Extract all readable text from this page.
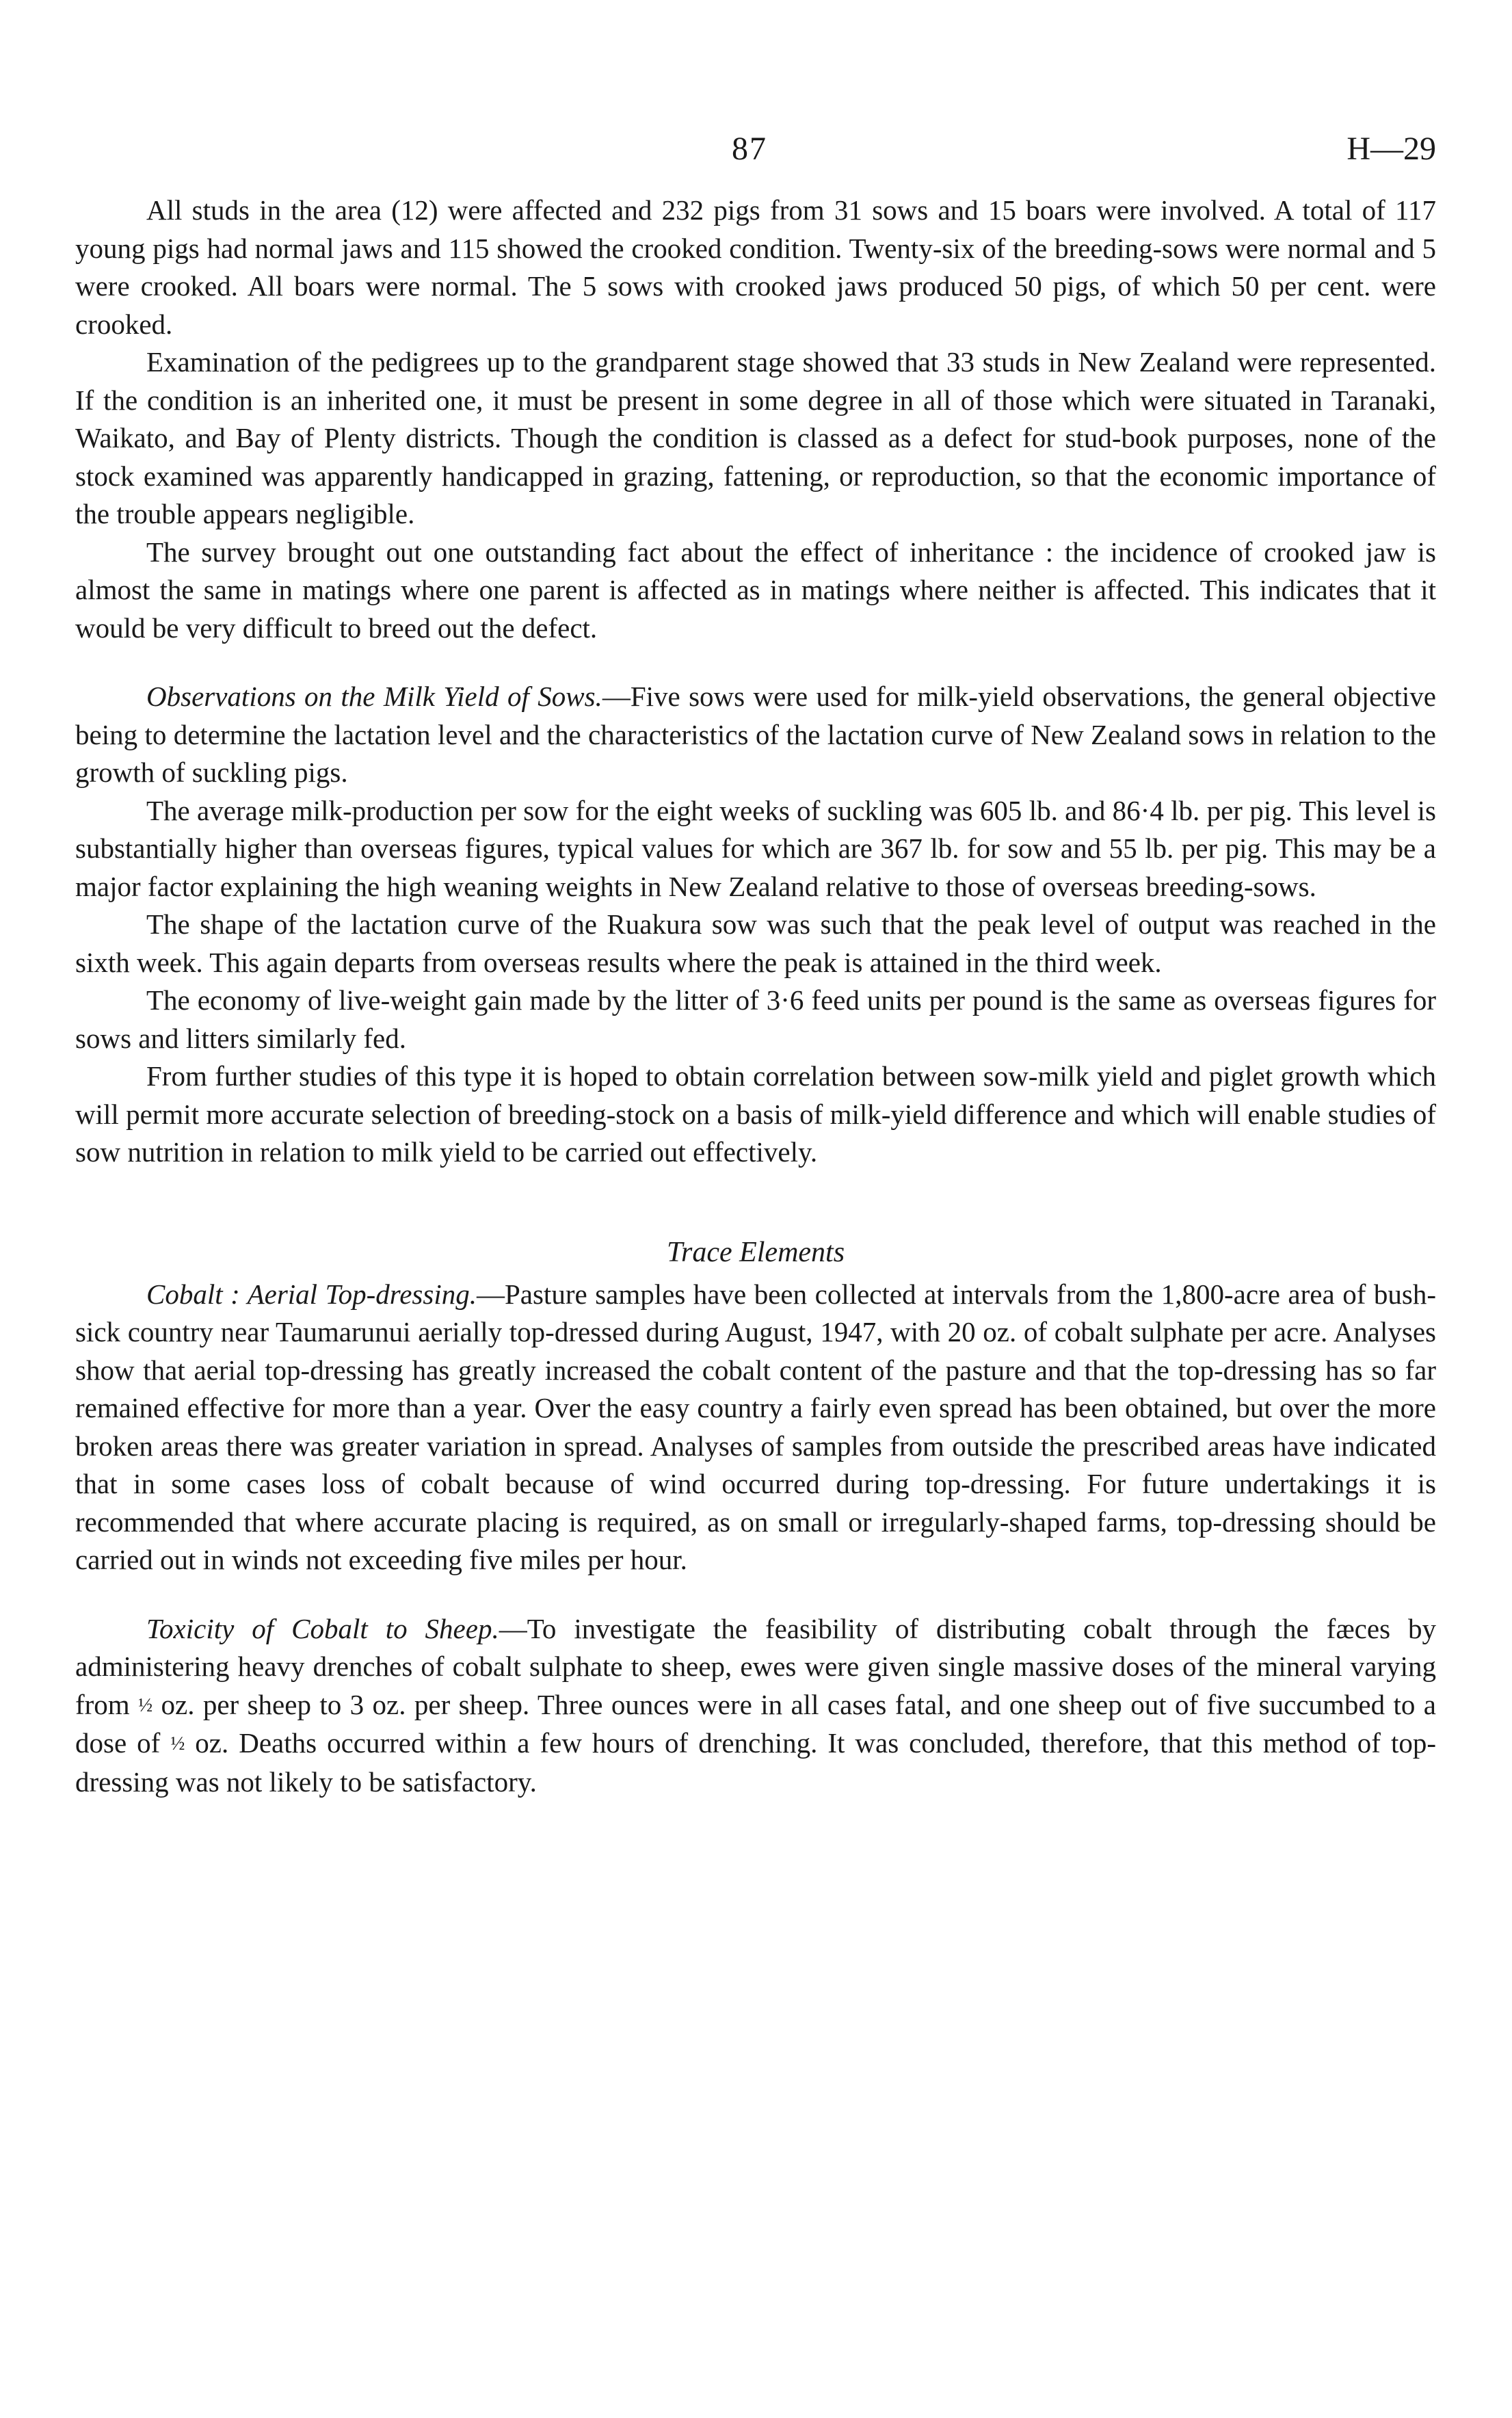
87	H—29

All studs in the area (12) were affected and 232 pigs from 31 sows and 15 boars were involved. A total of 117 young pigs had normal jaws and 115 showed the crooked condition. Twenty-six of the breeding-sows were normal and 5 were crooked. All boars were normal. The 5 sows with crooked jaws produced 50 pigs, of which 50 per cent. were crooked.

Examination of the pedigrees up to the grandparent stage showed that 33 studs in New Zealand were represented. If the condition is an inherited one, it must be present in some degree in all of those which were situated in Taranaki, Waikato, and Bay of Plenty districts. Though the condition is classed as a defect for stud-book purposes, none of the stock examined was apparently handicapped in grazing, fattening, or reproduction, so that the economic importance of the trouble appears negligible.

The survey brought out one outstanding fact about the effect of inheritance : the incidence of crooked jaw is almost the same in matings where one parent is affected as in matings where neither is affected. This indicates that it would be very difficult to breed out the defect.

Observations on the Milk Yield of Sows.—Five sows were used for milk-yield observations, the general objective being to determine the lactation level and the characteristics of the lactation curve of New Zealand sows in relation to the growth of suckling pigs.

The average milk-production per sow for the eight weeks of suckling was 605 lb. and 86·4 lb. per pig. This level is substantially higher than overseas figures, typical values for which are 367 lb. for sow and 55 lb. per pig. This may be a major factor explaining the high weaning weights in New Zealand relative to those of overseas breeding-sows.

The shape of the lactation curve of the Ruakura sow was such that the peak level of output was reached in the sixth week. This again departs from overseas results where the peak is attained in the third week.

The economy of live-weight gain made by the litter of 3·6 feed units per pound is the same as overseas figures for sows and litters similarly fed.

From further studies of this type it is hoped to obtain correlation between sow-milk yield and piglet growth which will permit more accurate selection of breeding-stock on a basis of milk-yield difference and which will enable studies of sow nutrition in relation to milk yield to be carried out effectively.

Trace Elements

Cobalt : Aerial Top-dressing.—Pasture samples have been collected at intervals from the 1,800-acre area of bush-sick country near Taumarunui aerially top-dressed during August, 1947, with 20 oz. of cobalt sulphate per acre. Analyses show that aerial top-dressing has greatly increased the cobalt content of the pasture and that the top-dressing has so far remained effective for more than a year. Over the easy country a fairly even spread has been obtained, but over the more broken areas there was greater variation in spread. Analyses of samples from outside the prescribed areas have indicated that in some cases loss of cobalt because of wind occurred during top-dressing. For future undertakings it is recommended that where accurate placing is required, as on small or irregularly-shaped farms, top-dressing should be carried out in winds not exceeding five miles per hour.

Toxicity of Cobalt to Sheep.—To investigate the feasibility of distributing cobalt through the fæces by administering heavy drenches of cobalt sulphate to sheep, ewes were given single massive doses of the mineral varying from ½ oz. per sheep to 3 oz. per sheep. Three ounces were in all cases fatal, and one sheep out of five succumbed to a dose of ½ oz. Deaths occurred within a few hours of drenching. It was concluded, therefore, that this method of top-dressing was not likely to be satisfactory.
